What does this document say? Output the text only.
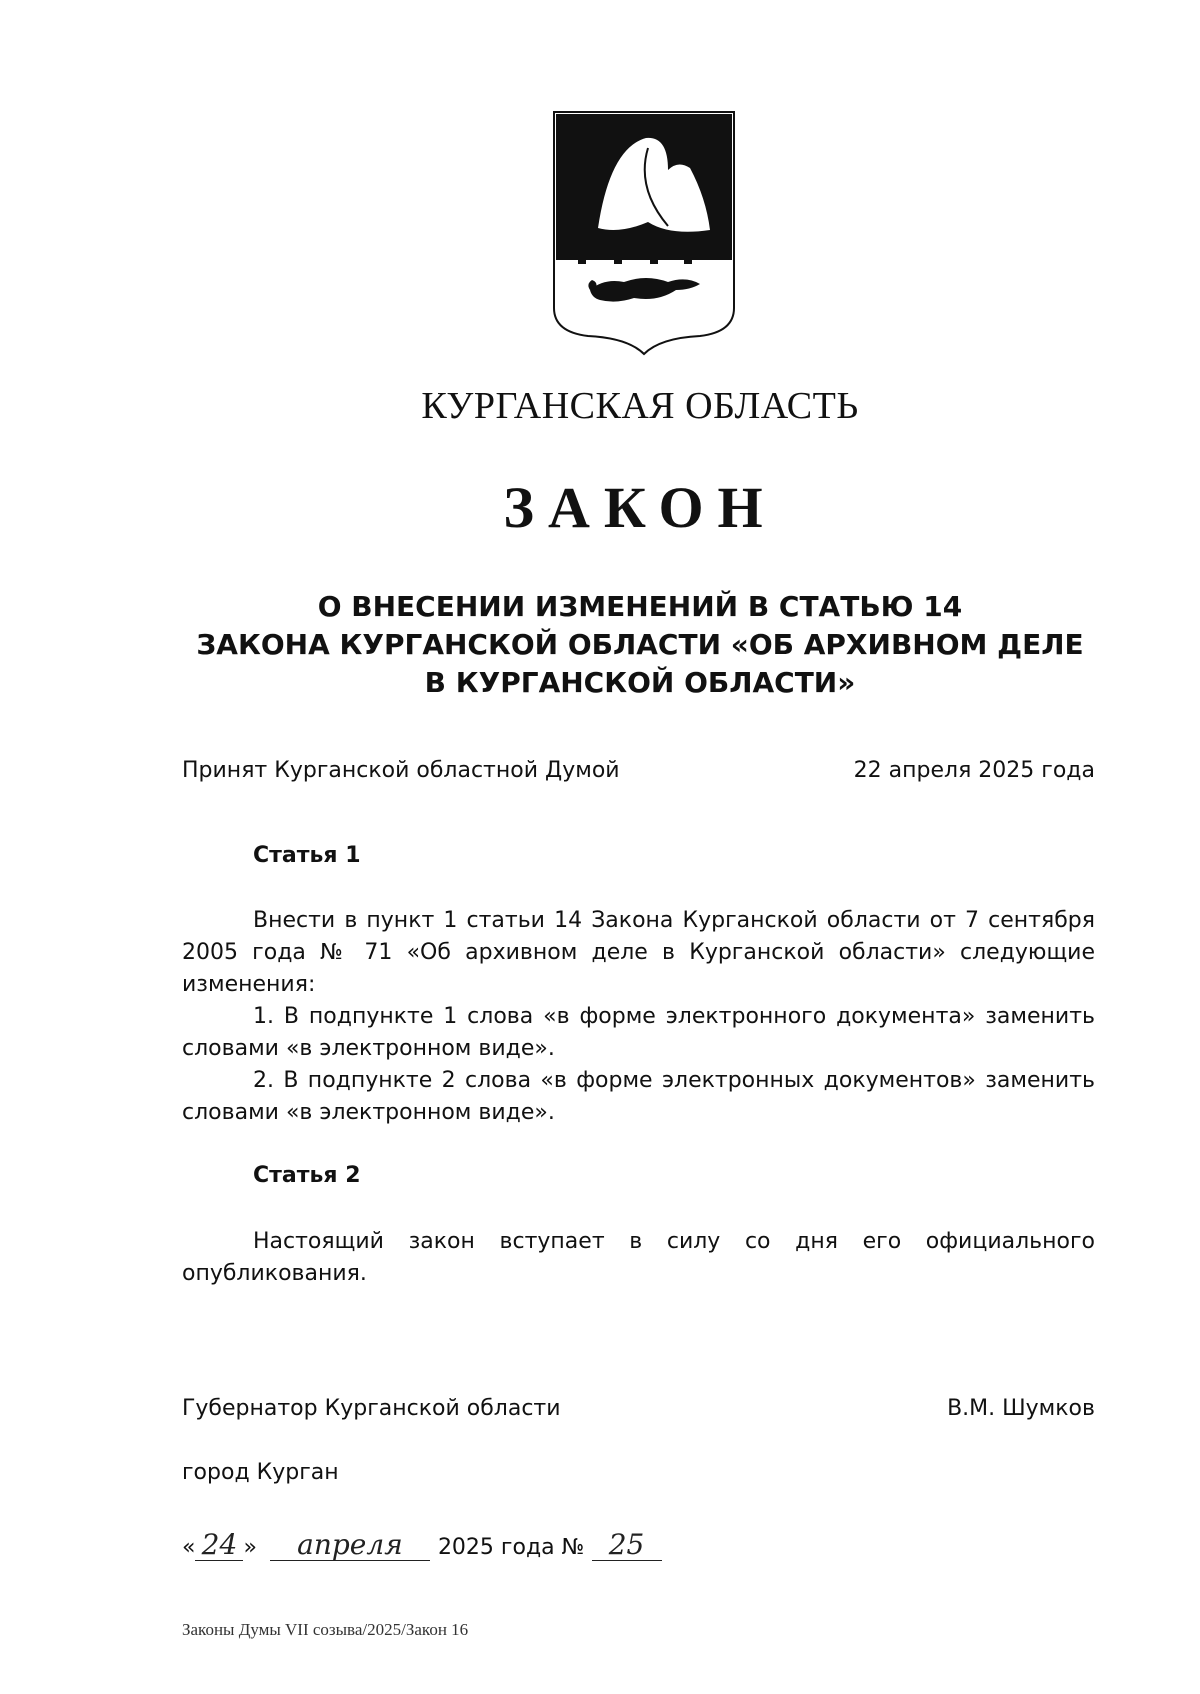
КУРГАНСКАЯ ОБЛАСТЬ
ЗАКОН
О ВНЕСЕНИИ ИЗМЕНЕНИЙ В СТАТЬЮ 14
ЗАКОНА КУРГАНСКОЙ ОБЛАСТИ «ОБ АРХИВНОМ ДЕЛЕ
В КУРГАНСКОЙ ОБЛАСТИ»
Принят Курганской областной Думой	22 апреля 2025 года
Статья 1
Внести в пункт 1 статьи 14 Закона Курганской области от 7 сентября 2005 года № 71 «Об архивном деле в Курганской области» следующие изменения:
1. В подпункте 1 слова «в форме электронного документа» заменить словами «в электронном виде».
2. В подпункте 2 слова «в форме электронных документов» заменить словами «в электронном виде».
Статья 2
Настоящий закон вступает в силу со дня его официального опубликования.
Губернатор Курганской области	В.М. Шумков
город Курган
« 24 » апреля 2025 года № 25
Законы Думы VII созыва/2025/Закон 16
